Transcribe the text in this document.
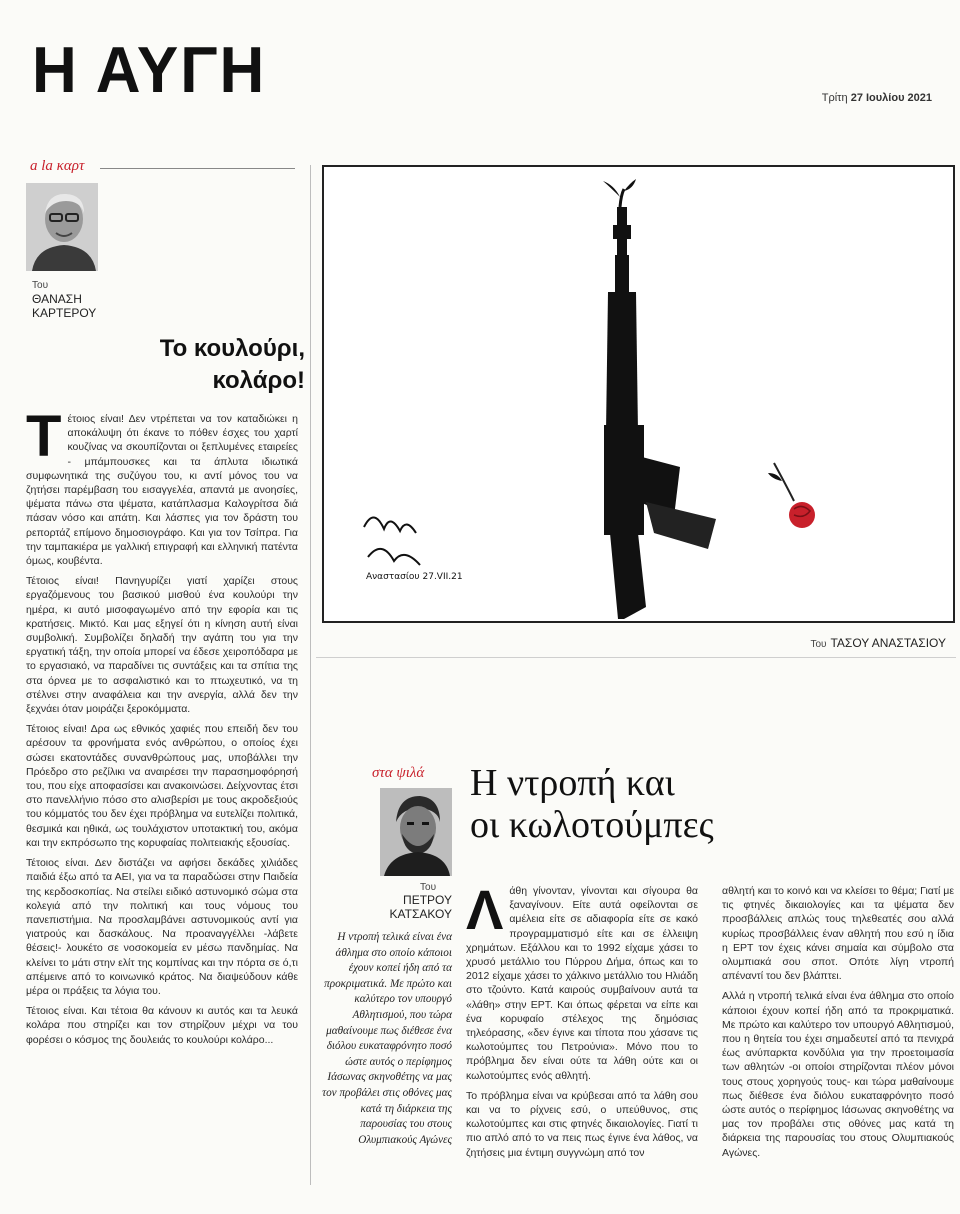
Η ΑΥΓΗ	Τρίτη 27 Ιουλίου 2021
a la καρτ
Του
ΘΑΝΑΣΗ
ΚΑΡΤΕΡΟΥ
Το κουλούρι,
κολάρο!

Τέτοιος είναι! Δεν ντρέπεται να τον καταδιώκει η αποκάλυψη ότι έκανε το πόθεν έσχες του χαρτί κουζίνας να σκουπίζονται οι ξεπλυμένες εταιρείες - μπάμπουσκες και τα άπλυτα ιδιωτικά συμφωνητικά της συζύγου του, κι αντί μόνος του να ζητήσει παρέμβαση του εισαγγελέα, απαντά με ανοησίες, ψέματα πάνω στα ψέματα, κατάπλασμα Καλογρίτσα διά πάσαν νόσο και απάτη. Και λάσπες για τον δράστη του ρεπορτάζ επίμονο δημοσιογράφο. Και για τον Τσίπρα. Για την ταμπακιέρα με γαλλική επιγραφή και ελληνική πατέντα όμως, κουβέντα.

Τέτοιος είναι! Πανηγυρίζει γιατί χαρίζει στους εργαζόμενους του βασικού μισθού ένα κουλούρι την ημέρα, κι αυτό μισοφαγωμένο από την εφορία και τις κρατήσεις. Μικτό. Και μας εξηγεί ότι η κίνηση αυτή είναι συμβολική. Συμβολίζει δηλαδή την αγάπη του για την εργατική τάξη, την οποία μπορεί να έδεσε χειροπόδαρα με το εργασιακό, να παραδίνει τις συντάξεις και τα σπίτια της στα όρνεα με το ασφαλιστικό και το πτωχευτικό, να τη στέλνει στην αναφάλεια και την ανεργία, αλλά δεν την ξεχνάει όταν μοιράζει ξεροκόμματα.

Τέτοιος είναι! Δρα ως εθνικός χαφιές που επειδή δεν του αρέσουν τα φρονήματα ενός ανθρώπου, ο οποίος έχει σώσει εκατοντάδες συνανθρώπους μας, υποβάλλει την Πρόεδρο στο ρεζίλικι να αναιρέσει την παρασημοφόρησή του, που είχε αποφασίσει και ανακοινώσει. Δείχνοντας έτσι στο πανελλήνιο πόσο στο αλισβερίσι με τους ακροδεξιούς του κόμματός του δεν έχει πρόβλημα να ευτελίζει πολιτικά, θεσμικά και ηθικά, ως τουλάχιστον υποτακτική του, ακόμα και την εκπρόσωπο της κορυφαίας πολιτειακής εξουσίας.

Τέτοιος είναι. Δεν διστάζει να αφήσει δεκάδες χιλιάδες παιδιά έξω από τα ΑΕΙ, για να τα παραδώσει στην Παιδεία της κερδοσκοπίας. Να στείλει ειδικό αστυνομικό σώμα στα κολεγιά από την πολιτική και τους νόμους του πανεπιστήμια. Να προσλαμβάνει αστυνομικούς αντί για γιατρούς και δασκάλους. Να προαναγγέλλει -λάβετε θέσεις!- λουκέτο σε νοσοκομεία εν μέσω πανδημίας. Να κλείνει το μάτι στην ελίτ της κομπίνας και την πόρτα σε ό,τι απέμεινε από το κοινωνικό κράτος. Να διαψεύδουν κάθε μέρα οι πράξεις τα λόγια του.

Τέτοιος είναι. Και τέτοια θα κάνουν κι αυτός και τα λευκά κολάρα που στηρίζει και τον στηρίζουν μέχρι να του φορέσει ο κόσμος της δουλειάς το κουλούρι κολάρο...

Αναστασίου 27.VII.21
Του ΤΑΣΟΥ ΑΝΑΣΤΑΣΙΟΥ
στα ψιλά
Του
ΠΕΤΡΟΥ
ΚΑΤΣΑΚΟΥ
Η ντροπή και
οι κωλοτούμπες
Η ντροπή τελικά είναι ένα άθλημα στο οποίο κάποιοι έχουν κοπεί ήδη από τα προκριματικά. Με πρώτο και καλύτερο τον υπουργό Αθλητισμού, που τώρα μαθαίνουμε πως διέθεσε ένα διόλου ευκαταφρόνητο ποσό ώστε αυτός ο περίφημος Ιάσωνας σκηνοθέτης να μας τον προβάλει στις οθόνες μας κατά τη διάρκεια της παρουσίας του στους Ολυμπιακούς Αγώνες

Λάθη γίνονταν, γίνονται και σίγουρα θα ξαναγίνουν. Είτε αυτά οφείλονται σε αμέλεια είτε σε αδιαφορία είτε σε κακό προγραμματισμό είτε και σε έλλειψη χρημάτων. Εξάλλου και το 1992 είχαμε χάσει το χρυσό μετάλλιο του Πύρρου Δήμα, όπως και το 2012 είχαμε χάσει το χάλκινο μετάλλιο του Ηλιάδη στο τζούντο. Κατά καιρούς συμβαίνουν αυτά τα «λάθη» στην ΕΡΤ. Και όπως φέρεται να είπε και ένα κορυφαίο στέλεχος της δημόσιας τηλεόρασης, «δεν έγινε και τίποτα που χάσανε τις κωλοτούμπες του Πετρούνια». Μόνο που το πρόβλημα δεν είναι ούτε τα λάθη ούτε και οι κωλοτούμπες ενός αθλητή.

Το πρόβλημα είναι να κρύβεσαι από τα λάθη σου και να το ρίχνεις εσύ, ο υπεύθυνος, στις κωλοτούμπες και στις φτηνές δικαιολογίες. Γιατί τι πιο απλό από το να πεις πως έγινε ένα λάθος, να ζητήσεις μια έντιμη συγγνώμη από τον

αθλητή και το κοινό και να κλείσει το θέμα; Γιατί με τις φτηνές δικαιολογίες και τα ψέματα δεν προσβάλλεις απλώς τους τηλεθεατές σου αλλά κυρίως προσβάλλεις έναν αθλητή που εσύ η ίδια η ΕΡΤ τον έχεις κάνει σημαία και σύμβολο στα ολυμπιακά σου σποτ. Οπότε λίγη ντροπή απέναντί του δεν βλάπτει.

Αλλά η ντροπή τελικά είναι ένα άθλημα στο οποίο κάποιοι έχουν κοπεί ήδη από τα προκριματικά. Με πρώτο και καλύτερο τον υπουργό Αθλητισμού, που η θητεία του έχει σημαδευτεί από τα πενιχρά έως ανύπαρκτα κονδύλια για την προετοιμασία των αθλητών -οι οποίοι στηρίζονται πλέον μόνοι τους στους χορηγούς τους- και τώρα μαθαίνουμε πως διέθεσε ένα διόλου ευκαταφρόνητο ποσό ώστε αυτός ο περίφημος Ιάσωνας σκηνοθέτης να μας τον προβάλει στις οθόνες μας κατά τη διάρκεια της παρουσίας του στους Ολυμπιακούς Αγώνες.
